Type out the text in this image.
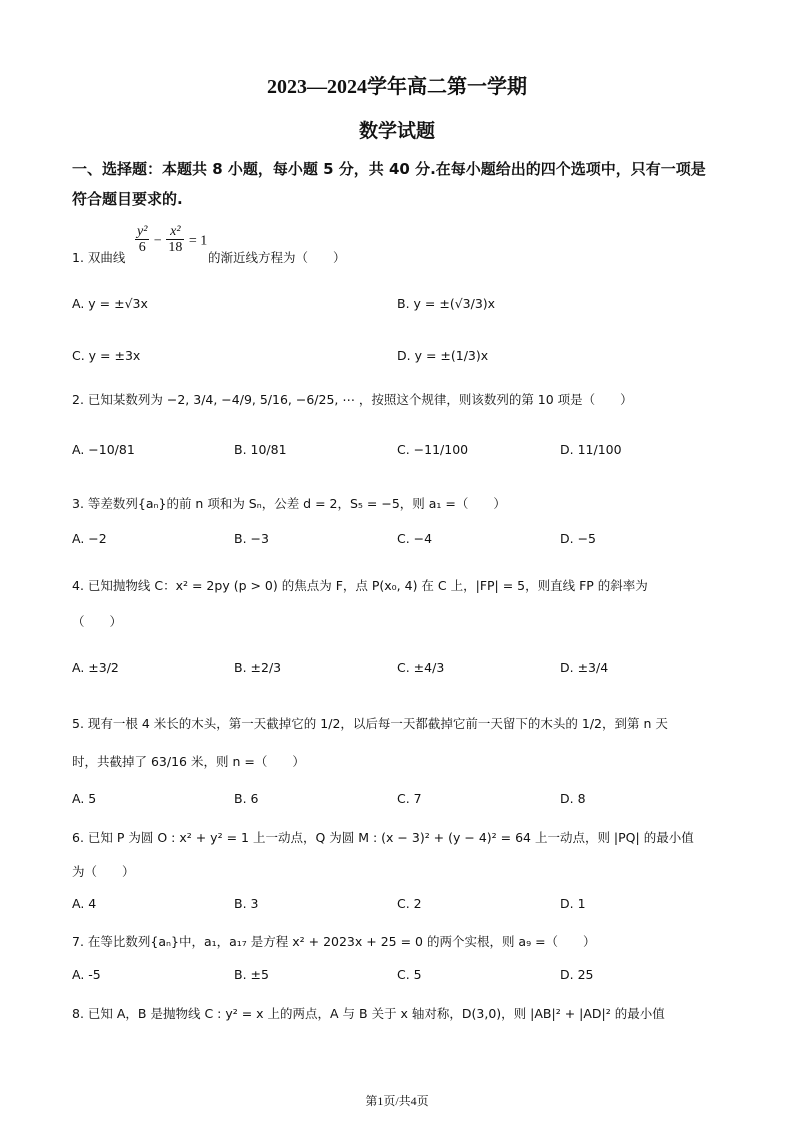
2023—2024学年高二第一学期
数学试题
一、选择题：本题共 8 小题，每小题 5 分，共 40 分.在每小题给出的四个选项中，只有一项是
符合题目要求的.
1. 双曲线
$\frac{\text{y²}}{6} - \frac{\text{x²}}{18} = 1$
的渐近线方程为（　　）
A. y = ±√3x	B. y = ±(√3/3)x
C. y = ±3x	D. y = ±(1/3)x
2. 已知某数列为 −2, 3/4, −4/9, 5/16, −6/25, ⋯ ，按照这个规律，则该数列的第 10 项是（　　）
A. −10/81	B. 10/81	C. −11/100	D. 11/100
3. 等差数列{aₙ}的前 n 项和为 Sₙ，公差 d = 2，S₅ = −5，则 a₁ =（　　）
A. −2	B. −3	C. −4	D. −5
4. 已知抛物线 C：x² = 2py (p > 0) 的焦点为 F，点 P(x₀, 4) 在 C 上，|FP| = 5，则直线 FP 的斜率为
（　　）
A. ±3/2	B. ±2/3	C. ±4/3	D. ±3/4
5. 现有一根 4 米长的木头，第一天截掉它的 1/2，以后每一天都截掉它前一天留下的木头的 1/2，到第 n 天
时，共截掉了 63/16 米，则 n =（　　）
A. 5	B. 6	C. 7	D. 8
6. 已知 P 为圆 O : x² + y² = 1 上一动点，Q 为圆 M : (x − 3)² + (y − 4)² = 64 上一动点，则 |PQ| 的最小值
为（　　）
A. 4	B. 3	C. 2	D. 1
7. 在等比数列{aₙ}中，a₁，a₁₇ 是方程 x² + 2023x + 25 = 0 的两个实根，则 a₉ =（　　）
A. -5	B. ±5	C. 5	D. 25
8. 已知 A，B 是抛物线 C : y² = x 上的两点，A 与 B 关于 x 轴对称，D(3,0)，则 |AB|² + |AD|² 的最小值
第1页/共4页
